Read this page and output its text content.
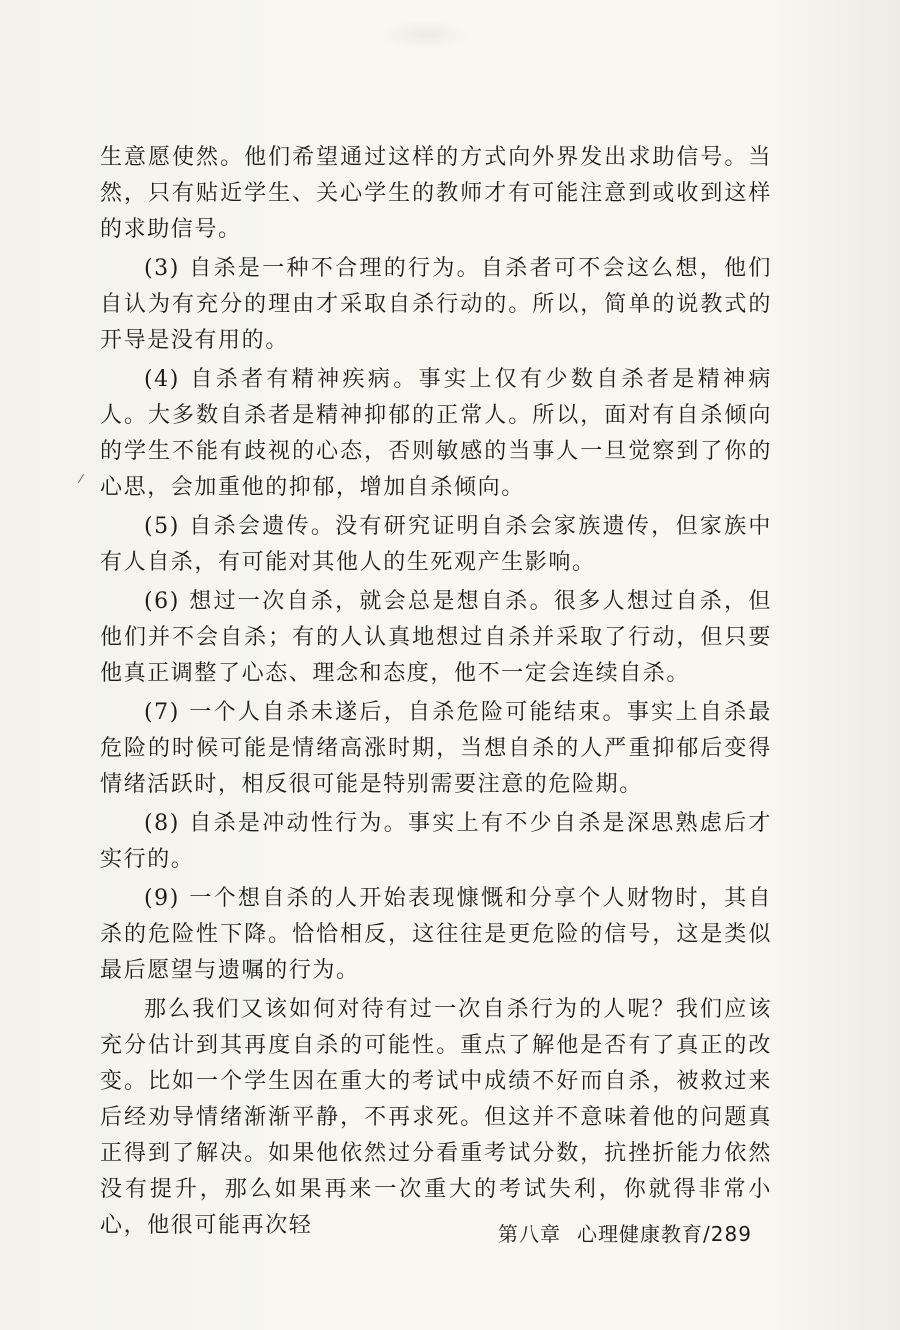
⁄

生意愿使然。他们希望通过这样的方式向外界发出求助信号。当然，只有贴近学生、关心学生的教师才有可能注意到或收到这样的求助信号。

(3) 自杀是一种不合理的行为。自杀者可不会这么想，他们自认为有充分的理由才采取自杀行动的。所以，简单的说教式的开导是没有用的。

(4) 自杀者有精神疾病。事实上仅有少数自杀者是精神病人。大多数自杀者是精神抑郁的正常人。所以，面对有自杀倾向的学生不能有歧视的心态，否则敏感的当事人一旦觉察到了你的心思，会加重他的抑郁，增加自杀倾向。

(5) 自杀会遗传。没有研究证明自杀会家族遗传，但家族中有人自杀，有可能对其他人的生死观产生影响。

(6) 想过一次自杀，就会总是想自杀。很多人想过自杀，但他们并不会自杀；有的人认真地想过自杀并采取了行动，但只要他真正调整了心态、理念和态度，他不一定会连续自杀。

(7) 一个人自杀未遂后，自杀危险可能结束。事实上自杀最危险的时候可能是情绪高涨时期，当想自杀的人严重抑郁后变得情绪活跃时，相反很可能是特别需要注意的危险期。

(8) 自杀是冲动性行为。事实上有不少自杀是深思熟虑后才实行的。

(9) 一个想自杀的人开始表现慷慨和分享个人财物时，其自杀的危险性下降。恰恰相反，这往往是更危险的信号，这是类似最后愿望与遗嘱的行为。

那么我们又该如何对待有过一次自杀行为的人呢？我们应该充分估计到其再度自杀的可能性。重点了解他是否有了真正的改变。比如一个学生因在重大的考试中成绩不好而自杀，被救过来后经劝导情绪渐渐平静，不再求死。但这并不意味着他的问题真正得到了解决。如果他依然过分看重考试分数，抗挫折能力依然没有提升，那么如果再来一次重大的考试失利，你就得非常小心，他很可能再次轻	第八章 心理健康教育/289
